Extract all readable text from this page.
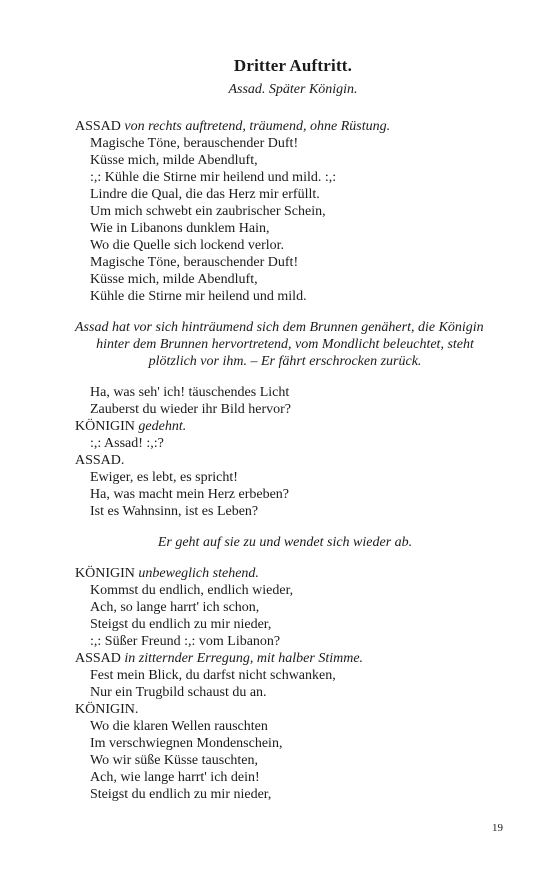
Dritter Auftritt.
Assad. Später Königin.
ASSAD von rechts auftretend, träumend, ohne Rüstung.
Magische Töne, berauschender Duft!
Küsse mich, milde Abendluft,
:,: Kühle die Stirne mir heilend und mild. :,:
Lindre die Qual, die das Herz mir erfüllt.
Um mich schwebt ein zaubrischer Schein,
Wie in Libanons dunklem Hain,
Wo die Quelle sich lockend verlor.
Magische Töne, berauschender Duft!
Küsse mich, milde Abendluft,
Kühle die Stirne mir heilend und mild.
Assad hat vor sich hinträumend sich dem Brunnen genähert, die Königin
hinter dem Brunnen hervortretend, vom Mondlicht beleuchtet, steht
plötzlich vor ihm. – Er fährt erschrocken zurück.
Ha, was seh' ich! täuschendes Licht
Zauberst du wieder ihr Bild hervor?
KÖNIGIN gedehnt.
:,: Assad! :,:?
ASSAD.
Ewiger, es lebt, es spricht!
Ha, was macht mein Herz erbeben?
Ist es Wahnsinn, ist es Leben?
Er geht auf sie zu und wendet sich wieder ab.
KÖNIGIN unbeweglich stehend.
Kommst du endlich, endlich wieder,
Ach, so lange harrt' ich schon,
Steigst du endlich zu mir nieder,
:,: Süßer Freund :,: vom Libanon?
ASSAD in zitternder Erregung, mit halber Stimme.
Fest mein Blick, du darfst nicht schwanken,
Nur ein Trugbild schaust du an.
KÖNIGIN.
Wo die klaren Wellen rauschten
Im verschwiegnen Mondenschein,
Wo wir süße Küsse tauschten,
Ach, wie lange harrt' ich dein!
Steigst du endlich zu mir nieder,
19
